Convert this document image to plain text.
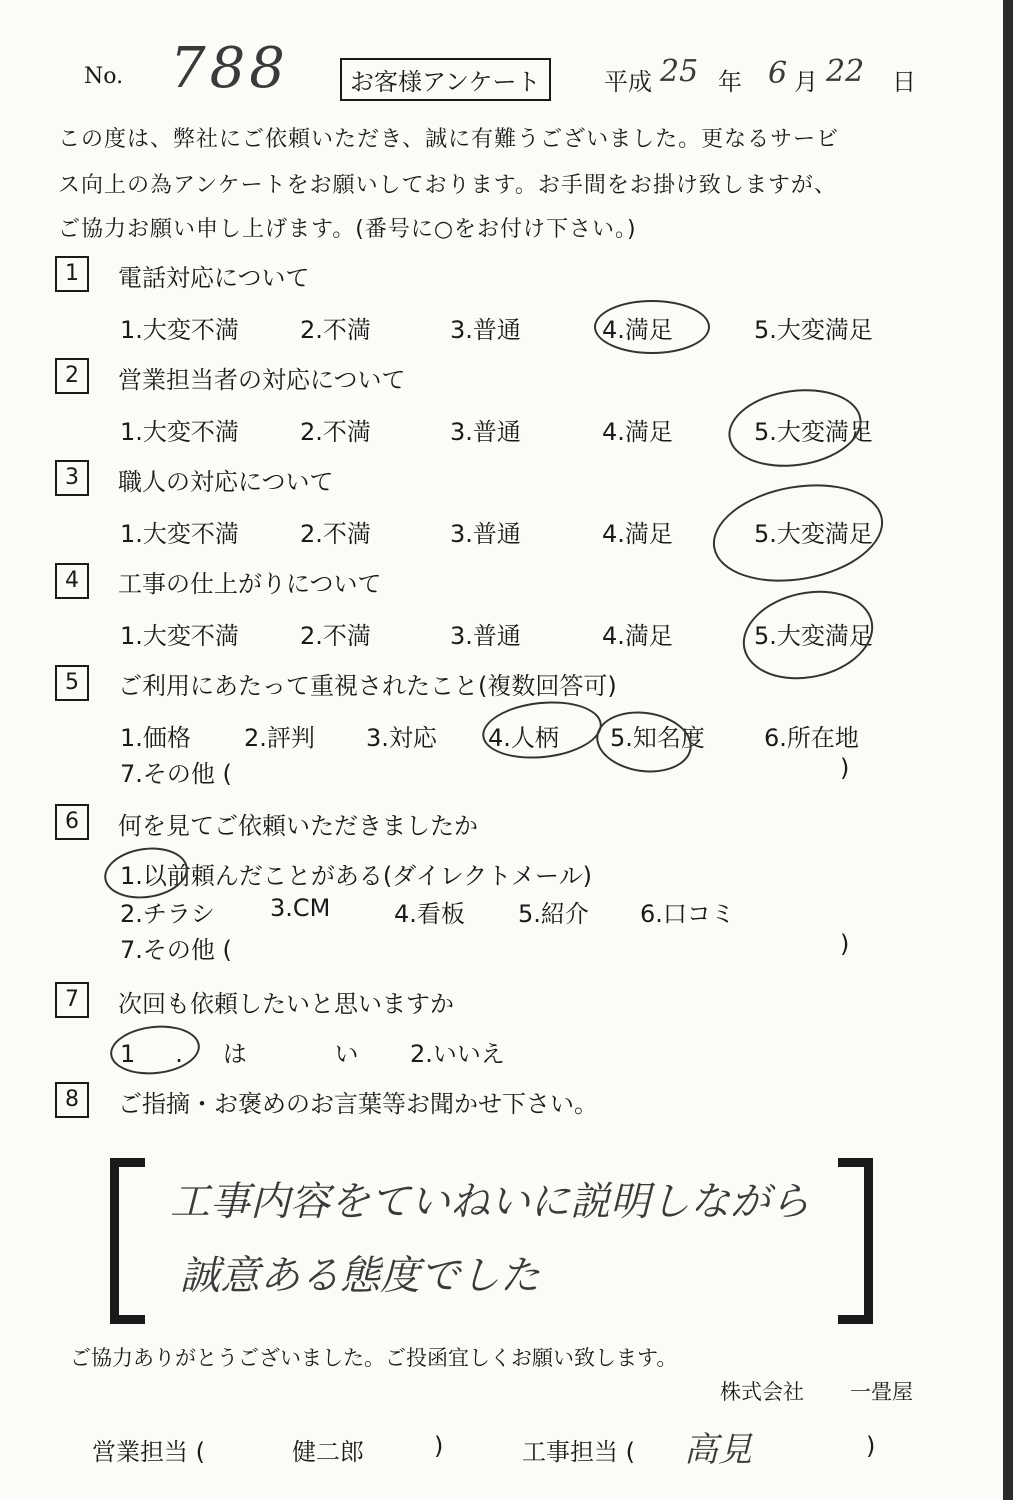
No. 788	お客様アンケート	平成 25 年 6 月 22 日
この度は、弊社にご依頼いただき、誠に有難うございました。更なるサービ
ス向上の為アンケートをお願いしております。お手間をお掛け致しますが、
ご協力お願い申し上げます。(番号に○をお付け下さい。)
1	電話対応について
1.大変不満	2.不満	3.普通	4.満足	5.大変満足
2	営業担当者の対応について
1.大変不満	2.不満	3.普通	4.満足	5.大変満足
3	職人の対応について
1.大変不満	2.不満	3.普通	4.満足	5.大変満足
4	工事の仕上がりについて
1.大変不満	2.不満	3.普通	4.満足	5.大変満足
5	ご利用にあたって重視されたこと(複数回答可)
1.価格 2.評判 3.対応 4.人柄 5.知名度 6.所在地
7.その他 (	)
6	何を見てご依頼いただきましたか
1.以前頼んだことがある(ダイレクトメール)
2.チラシ 3.CM	4.看板 5.紹介 6.口コミ
7.その他 (	)
7	次回も依頼したいと思いますか
1.は い 2.いいえ
8	ご指摘・お褒めのお言葉等お聞かせ下さい。
工事内容をていねいに説明しながら
誠意ある態度でした
ご協力ありがとうございました。ご投函宜しくお願い致します。
株式会社 一畳屋
営業担当 (	健二郎	)	工事担当 ( 高見	)
